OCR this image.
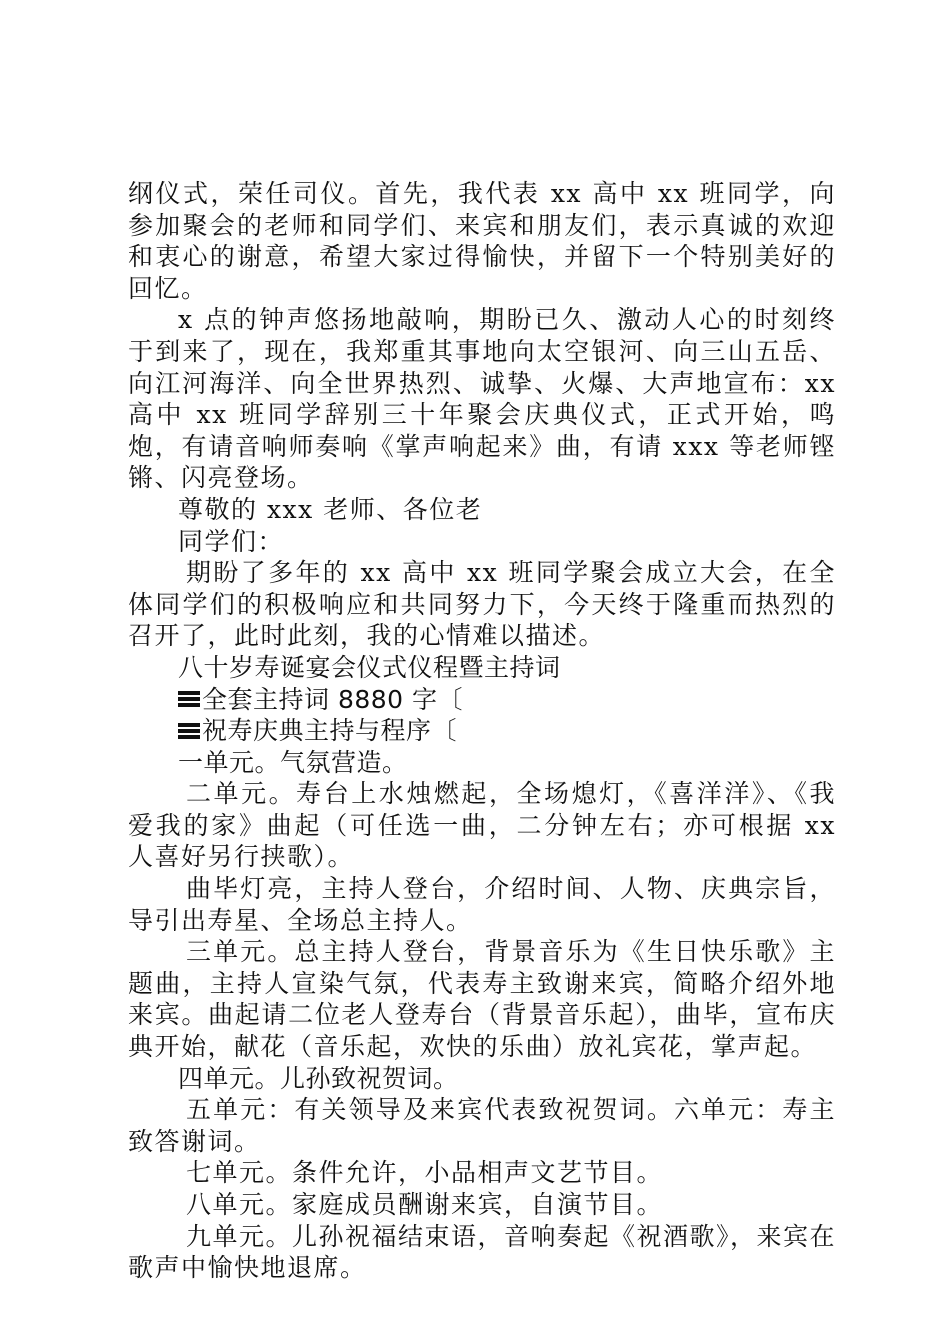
纲仪式，荣任司仪。首先，我代表 xx 高中 xx 班同学，向参加聚会的老师和同学们、来宾和朋友们，表示真诚的欢迎和衷心的谢意，希望大家过得愉快，并留下一个特别美好的回忆。

x 点的钟声悠扬地敲响，期盼已久、激动人心的时刻终于到来了，现在，我郑重其事地向太空银河、向三山五岳、向江河海洋、向全世界热烈、诚挚、火爆、大声地宣布：xx 高中 xx 班同学辞别三十年聚会庆典仪式，正式开始，鸣炮，有请音响师奏响《掌声响起来》曲，有请 xxx 等老师铿锵、闪亮登场。

尊敬的 xxx 老师、各位老

同学们：

期盼了多年的 xx 高中 xx 班同学聚会成立大会，在全体同学们的积极响应和共同努力下，今天终于隆重而热烈的召开了，此时此刻，我的心情难以描述。

八十岁寿诞宴会仪式仪程暨主持词

全套主持词 8880 字〔
祝寿庆典主持与程序〔

一单元。气氛营造。

二单元。寿台上水烛燃起，全场熄灯，《喜洋洋》、《我爱我的家》曲起（可任选一曲，二分钟左右；亦可根据 xx 人喜好另行挟歌）。

曲毕灯亮，主持人登台，介绍时间、人物、庆典宗旨，导引出寿星、全场总主持人。

三单元。总主持人登台，背景音乐为《生日快乐歌》主题曲，主持人宣染气氛，代表寿主致谢来宾，简略介绍外地来宾。曲起请二位老人登寿台（背景音乐起），曲毕，宣布庆典开始，献花（音乐起，欢快的乐曲）放礼宾花，掌声起。

四单元。儿孙致祝贺词。

五单元：有关领导及来宾代表致祝贺词。六单元：寿主致答谢词。

七单元。条件允许，小品相声文艺节目。

八单元。家庭成员酬谢来宾，自演节目。

九单元。儿孙祝福结束语，音响奏起《祝酒歌》，来宾在歌声中愉快地退席。
